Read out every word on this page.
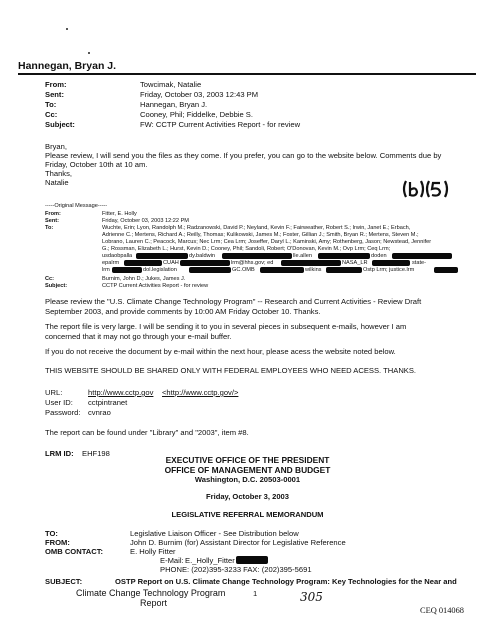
Hannegan, Bryan J.
From:	Towcimak, Natalie
Sent:	Friday, October 03, 2003 12:43 PM
To:	Hannegan, Bryan J.
Cc:	Cooney, Phil; Fiddelke, Debbie S.
Subject:	FW: CCTP Current Activities Report - for review
Bryan,
Please review, I will send you the files as they come. If you prefer, you can go to the website below. Comments due by
Friday, October 10th at 10 am.
Thanks,
Natalie
-----Original Message-----
From:	Fitter, E. Holly
Sent:	Friday, October 03, 2003 12:22 PM
To:	Wuchte, Erin; Lyon, Randolph M.; Radzanowski, David P.; Neyland, Kevin F.; Fairweather, Robert S.; Irwin, Janet E.; Erbach,
Adrienne C.; Mertens, Richard A.; Reilly, Thomas; Kulikowski, James M.; Foster, Gillian J.; Smith, Bryan R.; Mertens, Steven M.;
Lobrano, Lauren C.; Peacock, Marcus; Nec Lrm; Cea Lrm; Joseffer, Daryl L.; Kaminski, Amy; Rothenberg, Jason; Newstead, Jennifer
G.; Rossman, Elizabeth L.; Hurst, Kevin D.; Cooney, Phil; Sandoli, Robert; O'Donovan, Kevin M.; Ovp Lrm; Ceq Lrm;
usdaobpalla	dy.baldwin	lle.allen	doden
epalrm	CUAH	lrm@hhs.gov; ed	NASA_LR	state-
lrm	dol.legislation	GC.OMB	wilkins	Ostp Lrm; justice.lrm
Cc:	Burnim, John D.; Jukes, James J.
Subject:	CCTP Current Activities Report - for review
Please review the "U.S. Climate Change Technology Program" -- Research and Current Activities - Review Draft
September 2003, and provide comments by 10:00 AM Friday October 10. Thanks.
The report file is very large. I will be sending it to you in several pieces in subsequent e-mails, however I am
concerned that it may not go through your e-mail buffer.
If you do not receive the document by e-mail within the next hour, please acess the website noted below.
THIS WEBSITE SHOULD BE SHARED ONLY WITH FEDERAL EMPLOYEES WHO NEED ACESS. THANKS.
URL:	http://www.cctp.gov <http://www.cctp.gov/>
User ID: cctpintranet
Password: cvnrao
The report can be found under "Library" and "2003", item #8.
LRM ID: EHF198
EXECUTIVE OFFICE OF THE PRESIDENT
OFFICE OF MANAGEMENT AND BUDGET
Washington, D.C. 20503-0001
Friday, October 3, 2003
LEGISLATIVE REFERRAL MEMORANDUM
TO:	Legislative Liaison Officer - See Distribution below
FROM:	John D. Burnim (for) Assistant Director for Legislative Reference
OMB CONTACT:	E. Holly Fitter
E-Mail: E._Holly_Fitter
PHONE: (202)395-3233 FAX: (202)395-5691
SUBJECT:	OSTP Report on U.S. Climate Change Technology Program: Key Technologies for the Near and
Climate Change Technology Program
Report
1	305
CEQ 014068
